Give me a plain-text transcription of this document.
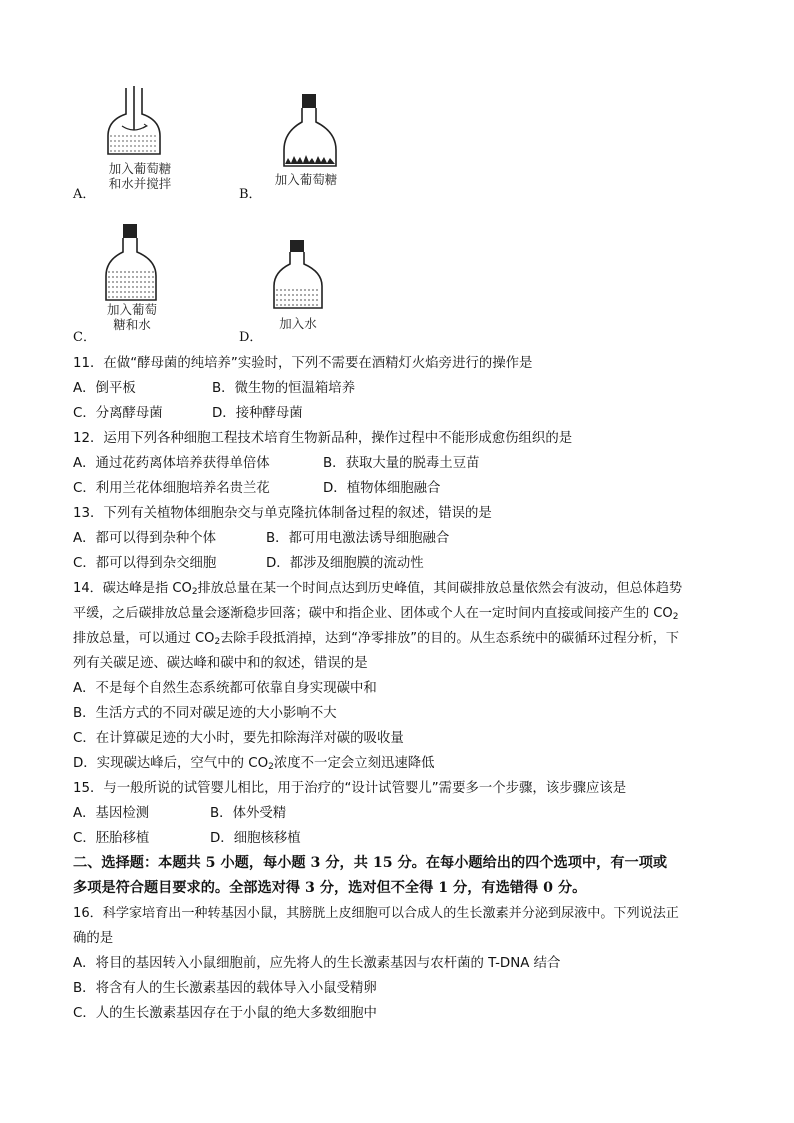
加入葡萄糖
和水并搅拌
A．
加入葡萄糖
B．
加入葡萄
糖和水
C．
加入水
D．
11．在做“酵母菌的纯培养”实验时，下列不需要在酒精灯火焰旁进行的操作是
A．倒平板	B．微生物的恒温箱培养
C．分离酵母菌	D．接种酵母菌
12．运用下列各种细胞工程技术培育生物新品种，操作过程中不能形成愈伤组织的是
A．通过花药离体培养获得单倍体	B．获取大量的脱毒土豆苗
C．利用兰花体细胞培养名贵兰花	D．植物体细胞融合
13．下列有关植物体细胞杂交与单克隆抗体制备过程的叙述，错误的是
A．都可以得到杂种个体	B．都可用电激法诱导细胞融合
C．都可以得到杂交细胞	D．都涉及细胞膜的流动性
14．碳达峰是指 $CO_2$排放总量在某一个时间点达到历史峰值，其间碳排放总量依然会有波动，但总体趋势
平缓，之后碳排放总量会逐渐稳步回落；碳中和指企业、团体或个人在一定时间内直接或间接产生的 $CO_2$
排放总量，可以通过 $CO_2$去除手段抵消掉，达到“净零排放”的目的。从生态系统中的碳循环过程分析，下
列有关碳足迹、碳达峰和碳中和的叙述，错误的是
A．不是每个自然生态系统都可依靠自身实现碳中和
B．生活方式的不同对碳足迹的大小影响不大
C．在计算碳足迹的大小时，要先扣除海洋对碳的吸收量
D．实现碳达峰后，空气中的 $CO_2$浓度不一定会立刻迅速降低
15．与一般所说的试管婴儿相比，用于治疗的“设计试管婴儿”需要多一个步骤，该步骤应该是
A．基因检测	B．体外受精
C．胚胎移植	D．细胞核移植
二、选择题：本题共 5 小题，每小题 3 分，共 15 分。在每小题给出的四个选项中，有一项或
多项是符合题目要求的。全部选对得 3 分，选对但不全得 1 分，有选错得 0 分。
16．科学家培育出一种转基因小鼠，其膀胱上皮细胞可以合成人的生长激素并分泌到尿液中。下列说法正
确的是
A．将目的基因转入小鼠细胞前，应先将人的生长激素基因与农杆菌的 T-DNA 结合
B．将含有人的生长激素基因的载体导入小鼠受精卵
C．人的生长激素基因存在于小鼠的绝大多数细胞中
